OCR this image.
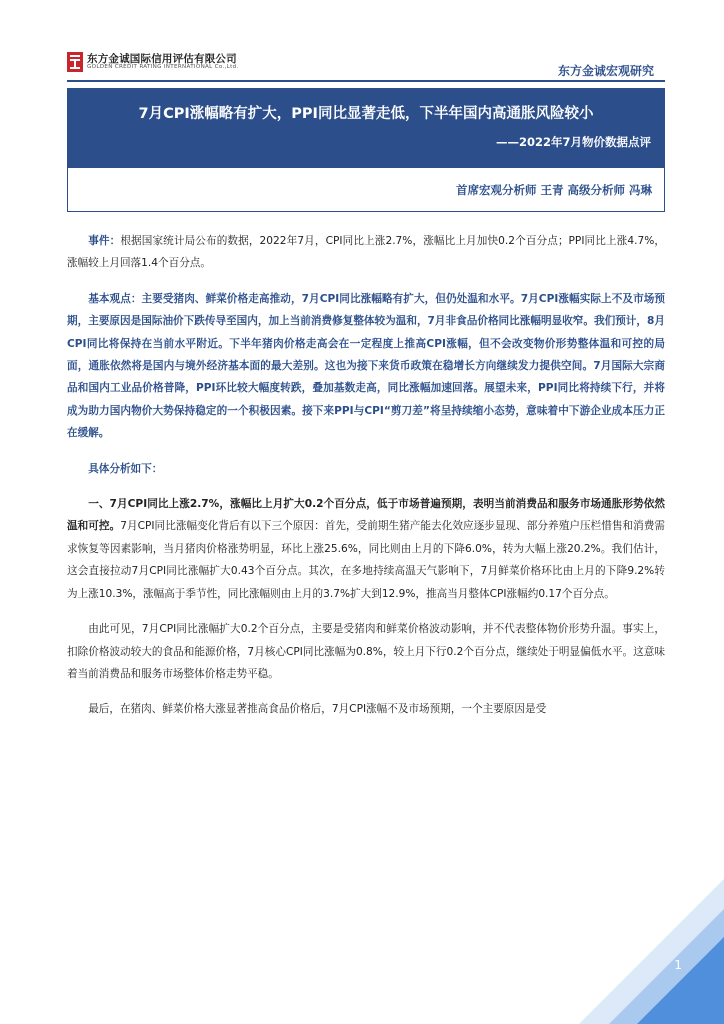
东方金诚国际信用评估有限公司
GOLDEN CREDIT RATING INTERNATIONAL Co.,Ltd.	东方金诚宏观研究
7月CPI涨幅略有扩大，PPI同比显著走低，下半年国内高通胀风险较小
——2022年7月物价数据点评
首席宏观分析师 王青 高级分析师 冯琳

事件：根据国家统计局公布的数据，2022年7月，CPI同比上涨2.7%，涨幅比上月加快0.2个百分点；PPI同比上涨4.7%，涨幅较上月回落1.4个百分点。

基本观点：主要受猪肉、鲜菜价格走高推动，7月CPI同比涨幅略有扩大，但仍处温和水平。7月CPI涨幅实际上不及市场预期，主要原因是国际油价下跌传导至国内，加上当前消费修复整体较为温和，7月非食品价格同比涨幅明显收窄。我们预计，8月CPI同比将保持在当前水平附近。下半年猪肉价格走高会在一定程度上推高CPI涨幅，但不会改变物价形势整体温和可控的局面，通胀依然将是国内与境外经济基本面的最大差别。这也为接下来货币政策在稳增长方向继续发力提供空间。7月国际大宗商品和国内工业品价格普降，PPI环比较大幅度转跌，叠加基数走高，同比涨幅加速回落。展望未来，PPI同比将持续下行，并将成为助力国内物价大势保持稳定的一个积极因素。接下来PPI与CPI“剪刀差”将呈持续缩小态势，意味着中下游企业成本压力正在缓解。

具体分析如下：

一、7月CPI同比上涨2.7%，涨幅比上月扩大0.2个百分点，低于市场普遍预期，表明当前消费品和服务市场通胀形势依然温和可控。7月CPI同比涨幅变化背后有以下三个原因：首先，受前期生猪产能去化效应逐步显现、部分养殖户压栏惜售和消费需求恢复等因素影响，当月猪肉价格涨势明显，环比上涨25.6%，同比则由上月的下降6.0%，转为大幅上涨20.2%。我们估计，这会直接拉动7月CPI同比涨幅扩大0.43个百分点。其次，在多地持续高温天气影响下，7月鲜菜价格环比由上月的下降9.2%转为上涨10.3%，涨幅高于季节性，同比涨幅则由上月的3.7%扩大到12.9%，推高当月整体CPI涨幅约0.17个百分点。

由此可见，7月CPI同比涨幅扩大0.2个百分点，主要是受猪肉和鲜菜价格波动影响，并不代表整体物价形势升温。事实上，扣除价格波动较大的食品和能源价格，7月核心CPI同比涨幅为0.8%，较上月下行0.2个百分点，继续处于明显偏低水平。这意味着当前消费品和服务市场整体价格走势平稳。

最后，在猪肉、鲜菜价格大涨显著推高食品价格后，7月CPI涨幅不及市场预期，一个主要原因是受

1
